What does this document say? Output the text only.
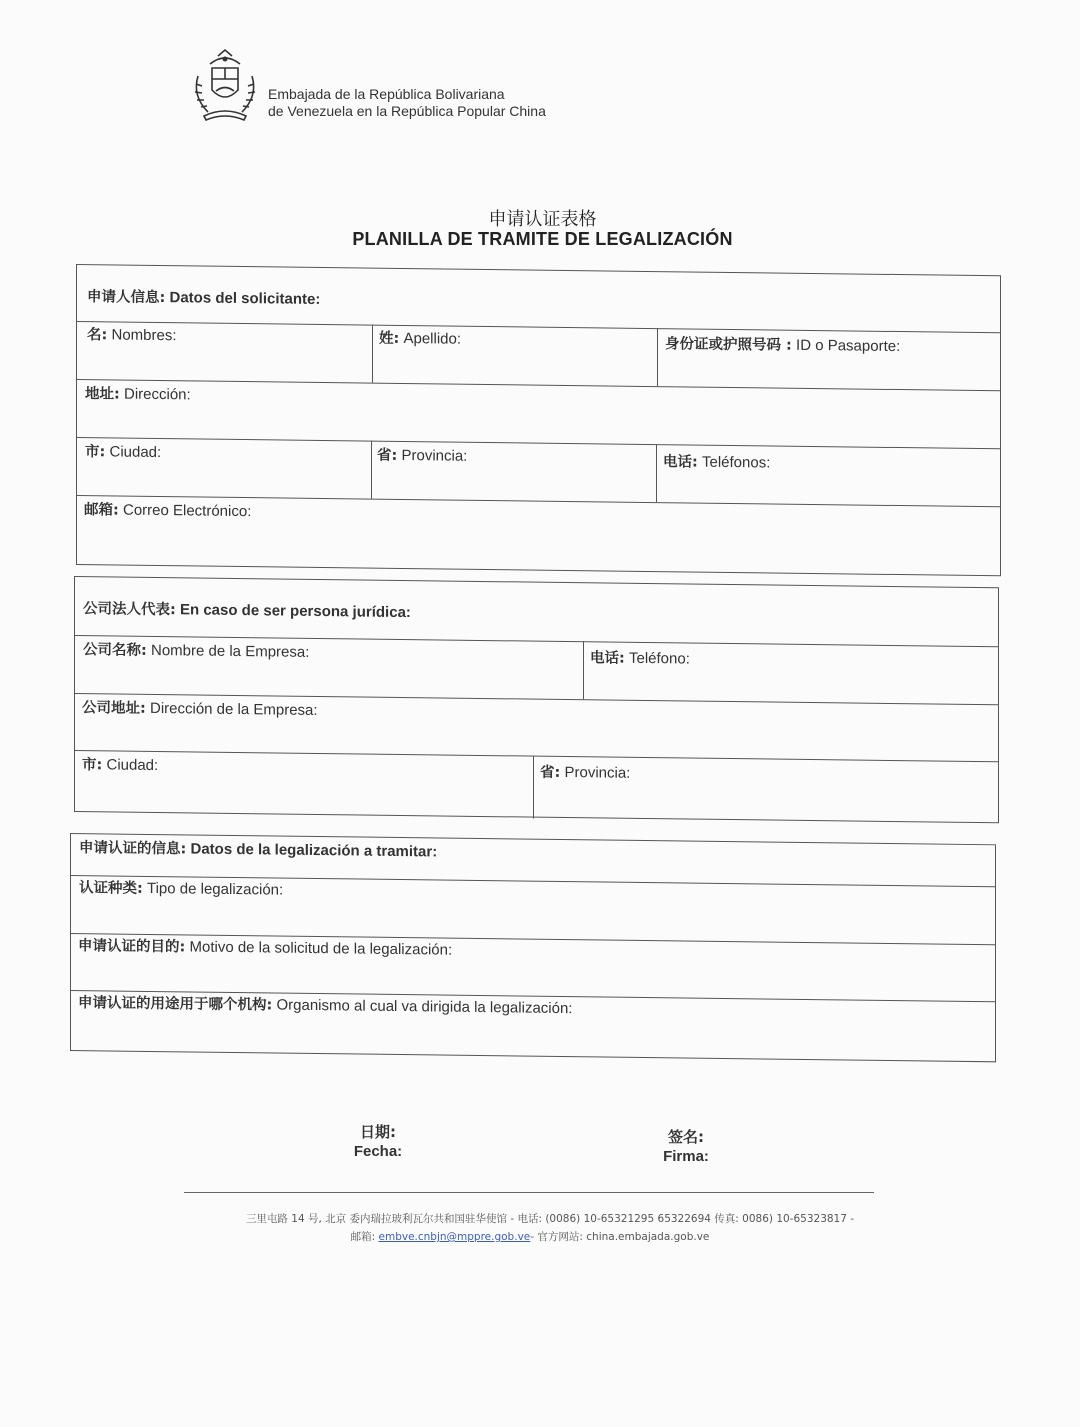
Embajada de la República Bolivariana
de Venezuela en la República Popular China
申请认证表格
PLANILLA DE TRAMITE DE LEGALIZACIÓN
申请人信息: Datos del solicitante:
名: Nombres:	姓: Apellido:	身份证或护照号码 : ID o Pasaporte:
地址: Dirección:
市: Ciudad:	省: Provincia:	电话: Teléfonos:
邮箱: Correo Electrónico:
公司法人代表: En caso de ser persona jurídica:
公司名称: Nombre de la Empresa:	电话: Teléfono:
公司地址: Dirección de la Empresa:
市: Ciudad:	省: Provincia:
申请认证的信息: Datos de la legalización a tramitar:
认证种类: Tipo de legalización:
申请认证的目的: Motivo de la solicitud de la legalización:
申请认证的用途用于哪个机构: Organismo al cual va dirigida la legalización:
日期:
Fecha:
签名:
Firma:
三里屯路 14 号, 北京 委内瑞拉玻利瓦尔共和国驻华使馆 - 电话: (0086) 10-65321295 65322694 传真: 0086) 10-65323817 -
邮箱: embve.cnbjn@mppre.gob.ve- 官方网站: china.embajada.gob.ve
